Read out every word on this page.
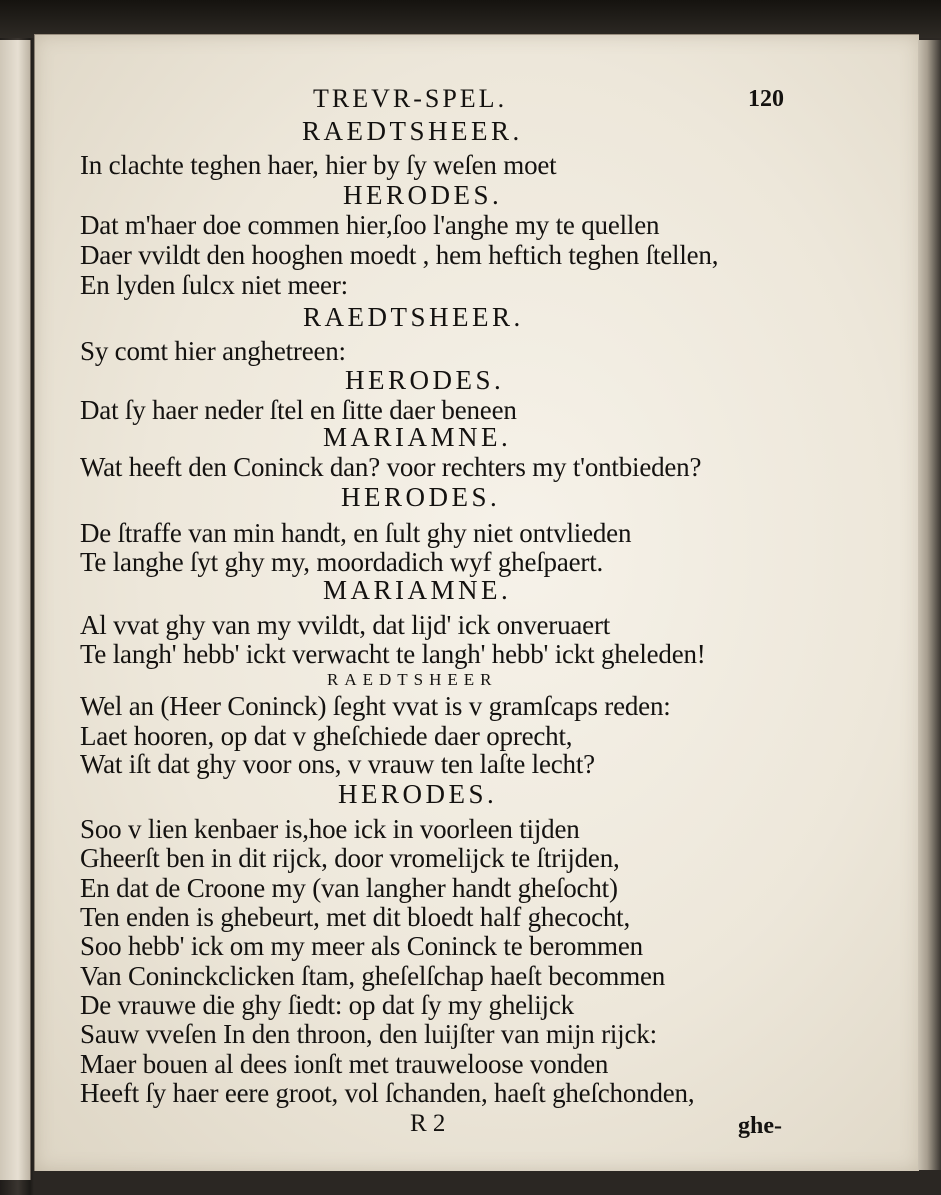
TREVR-SPEL.	120
RAEDTSHEER.
In clachte teghen haer, hier by ſy weſen moet
HERODES.
Dat m'haer doe commen hier,ſoo l'anghe my te quellen
Daer vvildt den hooghen moedt , hem heftich teghen ſtellen,
En lyden ſulcx niet meer:
RAEDTSHEER.
Sy comt hier anghetreen:
HERODES.
Dat ſy haer neder ſtel en ſitte daer beneen
MARIAMNE.
Wat heeft den Coninck dan? voor rechters my t'ontbieden?
HERODES.
De ſtraffe van min handt, en ſult ghy niet ontvlieden
Te langhe ſyt ghy my, moordadich wyf gheſpaert.
MARIAMNE.
Al vvat ghy van my vvildt, dat lijd' ick onveruaert
Te langh' hebb' ickt verwacht te langh' hebb' ickt gheleden!
RAEDTSHEER
Wel an (Heer Coninck) ſeght vvat is v gramſcaps reden:
Laet hooren, op dat v gheſchiede daer oprecht,
Wat iſt dat ghy voor ons, v vrauw ten laſte lecht?
HERODES.
Soo v lien kenbaer is,hoe ick in voorleen tijden
Gheerſt ben in dit rijck, door vromelijck te ſtrijden,
En dat de Croone my (van langher handt gheſocht)
Ten enden is ghebeurt, met dit bloedt half ghecocht,
Soo hebb' ick om my meer als Coninck te berommen
Van Coninckclicken ſtam, gheſelſchap haeſt becommen
De vrauwe die ghy ſiedt: op dat ſy my ghelijck
Sauw vveſen In den throon, den luijſter van mijn rijck:
Maer bouen al dees ionſt met trauweloose vonden
Heeft ſy haer eere groot, vol ſchanden, haeſt gheſchonden,
R 2	ghe-
